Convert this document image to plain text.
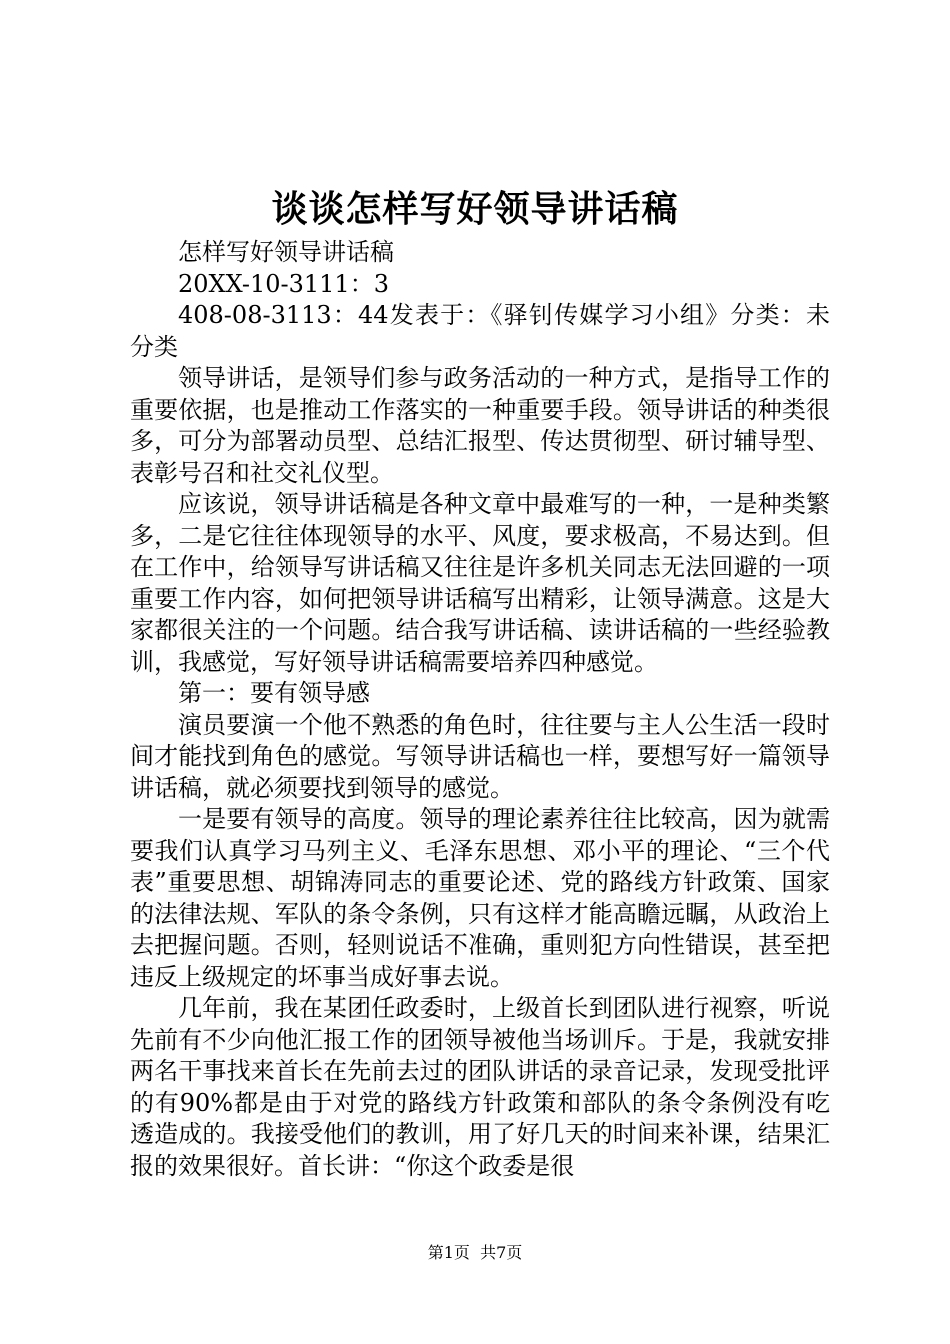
谈谈怎样写好领导讲话稿

怎样写好领导讲话稿

20XX-10-3111：3

408-08-3113：44发表于：《驿钊传媒学习小组》分类：未分类

领导讲话，是领导们参与政务活动的一种方式，是指导工作的重要依据，也是推动工作落实的一种重要手段。领导讲话的种类很多，可分为部署动员型、总结汇报型、传达贯彻型、研讨辅导型、表彰号召和社交礼仪型。

应该说，领导讲话稿是各种文章中最难写的一种，一是种类繁多，二是它往往体现领导的水平、风度，要求极高，不易达到。但在工作中，给领导写讲话稿又往往是许多机关同志无法回避的一项重要工作内容，如何把领导讲话稿写出精彩，让领导满意。这是大家都很关注的一个问题。结合我写讲话稿、读讲话稿的一些经验教训，我感觉，写好领导讲话稿需要培养四种感觉。

第一：要有领导感

演员要演一个他不熟悉的角色时，往往要与主人公生活一段时间才能找到角色的感觉。写领导讲话稿也一样，要想写好一篇领导讲话稿，就必须要找到领导的感觉。

一是要有领导的高度。领导的理论素养往往比较高，因为就需要我们认真学习马列主义、毛泽东思想、邓小平的理论、“三个代表”重要思想、胡锦涛同志的重要论述、党的路线方针政策、国家的法律法规、军队的条令条例，只有这样才能高瞻远瞩，从政治上去把握问题。否则，轻则说话不准确，重则犯方向性错误，甚至把违反上级规定的坏事当成好事去说。

几年前，我在某团任政委时，上级首长到团队进行视察，听说先前有不少向他汇报工作的团领导被他当场训斥。于是，我就安排两名干事找来首长在先前去过的团队讲话的录音记录，发现受批评的有90%都是由于对党的路线方针政策和部队的条令条例没有吃透造成的。我接受他们的教训，用了好几天的时间来补课，结果汇报的效果很好。首长讲：“你这个政委是很

第1页 共7页
